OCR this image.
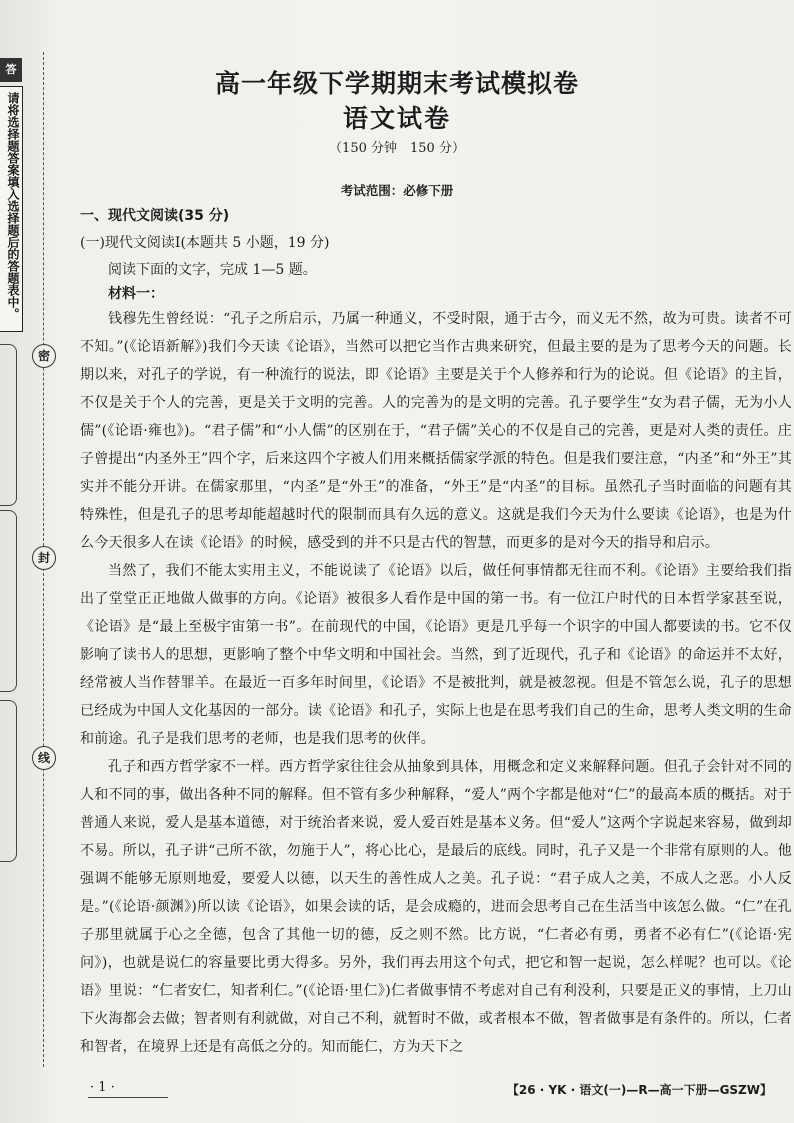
答
请将选择题答案填入选择题后的答题表中。
密
封
线
高一年级下学期期末考试模拟卷
语文试卷
（150 分钟　150 分）
考试范围：必修下册
一、现代文阅读(35 分)
(一)现代文阅读Ⅰ(本题共 5 小题，19 分)
阅读下面的文字，完成 1—5 题。
材料一：

钱穆先生曾经说：“孔子之所启示，乃属一种通义，不受时限，通于古今，而义无不然，故为可贵。读者不可不知。”(《论语新解》)我们今天读《论语》，当然可以把它当作古典来研究，但最主要的是为了思考今天的问题。长期以来，对孔子的学说，有一种流行的说法，即《论语》主要是关于个人修养和行为的论说。但《论语》的主旨，不仅是关于个人的完善，更是关于文明的完善。人的完善为的是文明的完善。孔子要学生“女为君子儒，无为小人儒”(《论语·雍也》)。“君子儒”和“小人儒”的区别在于，“君子儒”关心的不仅是自己的完善，更是对人类的责任。庄子曾提出“内圣外王”四个字，后来这四个字被人们用来概括儒家学派的特色。但是我们要注意，“内圣”和“外王”其实并不能分开讲。在儒家那里，“内圣”是“外王”的准备，“外王”是“内圣”的目标。虽然孔子当时面临的问题有其特殊性，但是孔子的思考却能超越时代的限制而具有久远的意义。这就是我们今天为什么要读《论语》，也是为什么今天很多人在读《论语》的时候，感受到的并不只是古代的智慧，而更多的是对今天的指导和启示。

当然了，我们不能太实用主义，不能说读了《论语》以后，做任何事情都无往而不利。《论语》主要给我们指出了堂堂正正地做人做事的方向。《论语》被很多人看作是中国的第一书。有一位江户时代的日本哲学家甚至说，《论语》是“最上至极宇宙第一书”。在前现代的中国，《论语》更是几乎每一个识字的中国人都要读的书。它不仅影响了读书人的思想，更影响了整个中华文明和中国社会。当然，到了近现代，孔子和《论语》的命运并不太好，经常被人当作替罪羊。在最近一百多年时间里，《论语》不是被批判，就是被忽视。但是不管怎么说，孔子的思想已经成为中国人文化基因的一部分。读《论语》和孔子，实际上也是在思考我们自己的生命，思考人类文明的生命和前途。孔子是我们思考的老师，也是我们思考的伙伴。

孔子和西方哲学家不一样。西方哲学家往往会从抽象到具体，用概念和定义来解释问题。但孔子会针对不同的人和不同的事，做出各种不同的解释。但不管有多少种解释，“爱人”两个字都是他对“仁”的最高本质的概括。对于普通人来说，爱人是基本道德，对于统治者来说，爱人爱百姓是基本义务。但“爱人”这两个字说起来容易，做到却不易。所以，孔子讲“己所不欲，勿施于人”，将心比心，是最后的底线。同时，孔子又是一个非常有原则的人。他强调不能够无原则地爱，要爱人以德，以天生的善性成人之美。孔子说：“君子成人之美，不成人之恶。小人反是。”(《论语·颜渊》)所以读《论语》，如果会读的话，是会成瘾的，进而会思考自己在生活当中该怎么做。“仁”在孔子那里就属于心之全德，包含了其他一切的德，反之则不然。比方说，“仁者必有勇，勇者不必有仁”(《论语·宪问》)，也就是说仁的容量要比勇大得多。另外，我们再去用这个句式，把它和智一起说，怎么样呢？也可以。《论语》里说：“仁者安仁，知者利仁。”(《论语·里仁》)仁者做事情不考虑对自己有利没利，只要是正义的事情，上刀山下火海都会去做；智者则有利就做，对自己不利，就暂时不做，或者根本不做，智者做事是有条件的。所以，仁者和智者，在境界上还是有高低之分的。知而能仁，方为天下之

· 1 ·	【26 · YK · 语文(一)—R—高一下册—GSZW】
